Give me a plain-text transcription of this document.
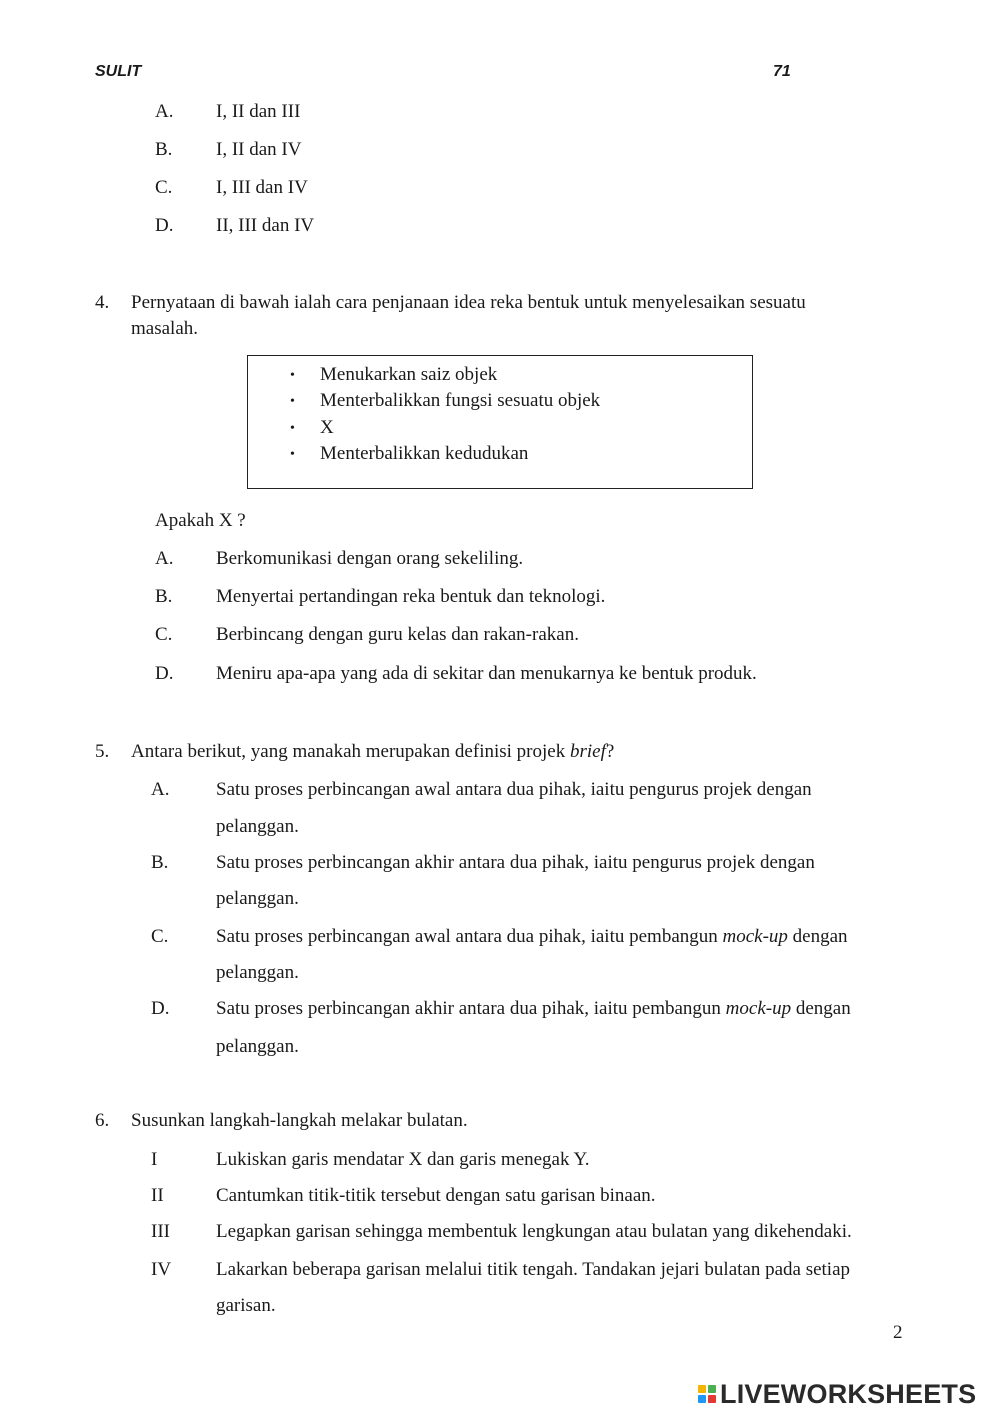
SULIT	71
A. I, II dan III
B. I, II dan IV
C. I, III dan IV
D. II, III dan IV
4. Pernyataan di bawah ialah cara penjanaan idea reka bentuk untuk menyelesaikan sesuatu
masalah.
• Menukarkan saiz objek
• Menterbalikkan fungsi sesuatu objek
• X
• Menterbalikkan kedudukan
Apakah X ?
A. Berkomunikasi dengan orang sekeliling.
B. Menyertai pertandingan reka bentuk dan teknologi.
C. Berbincang dengan guru kelas dan rakan-rakan.
D. Meniru apa-apa yang ada di sekitar dan menukarnya ke bentuk produk.
5. Antara berikut, yang manakah merupakan definisi projek brief?
A. Satu proses perbincangan awal antara dua pihak, iaitu pengurus projek dengan
pelanggan.
B.	Satu proses perbincangan akhir antara dua pihak, iaitu pengurus projek dengan
pelanggan.
C.	Satu proses perbincangan awal antara dua pihak, iaitu pembangun mock-up dengan
pelanggan.
D. Satu proses perbincangan akhir antara dua pihak, iaitu pembangun mock-up dengan
pelanggan.
6. Susunkan langkah-langkah melakar bulatan.
I	Lukiskan garis mendatar X dan garis menegak Y.
II	Cantumkan titik-titik tersebut dengan satu garisan binaan.
III Legapkan garisan sehingga membentuk lengkungan atau bulatan yang dikehendaki.
IV Lakarkan beberapa garisan melalui titik tengah. Tandakan jejari bulatan pada setiap
garisan.
2
LIVEWORKSHEETS
